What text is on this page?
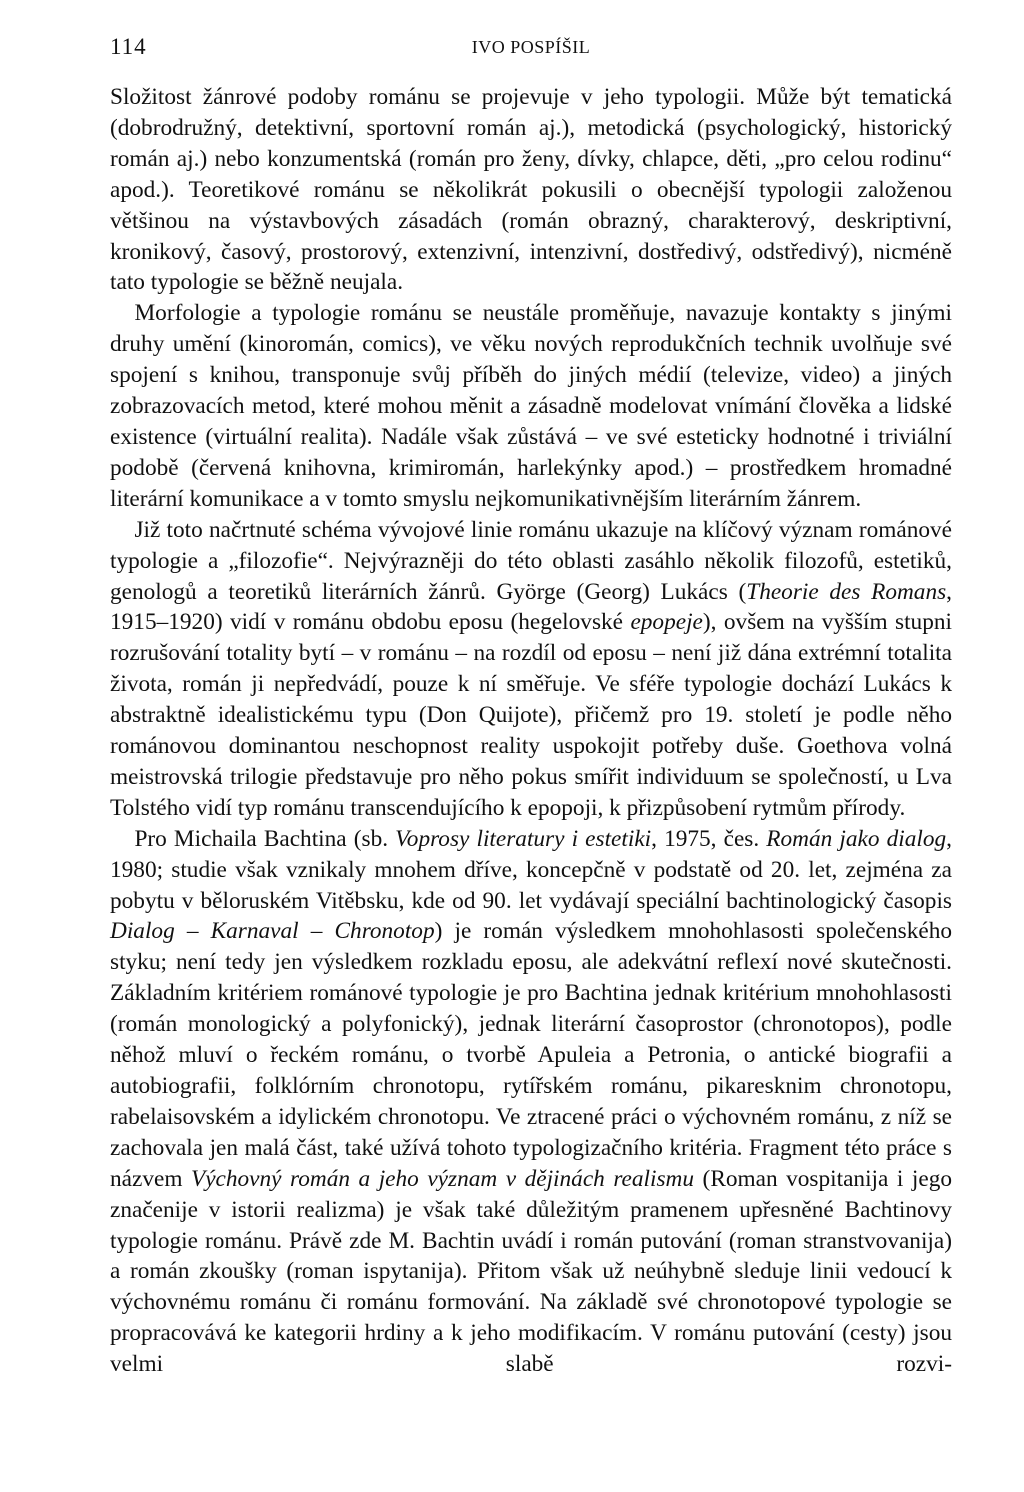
114	IVO POSPÍŠIL

Složitost žánrové podoby románu se projevuje v jeho typologii. Může být tematická (dobrodružný, detektivní, sportovní román aj.), metodická (psychologický, historický román aj.) nebo konzumentská (román pro ženy, dívky, chlapce, děti, „pro celou rodinu“ apod.). Teoretikové románu se několikrát pokusili o obecnější typologii založenou většinou na výstavbových zásadách (román obrazný, charakterový, deskriptivní, kronikový, časový, prostorový, extenzivní, intenzivní, dostředivý, odstředivý), nicméně tato typologie se běžně neujala.

Morfologie a typologie románu se neustále proměňuje, navazuje kontakty s jinými druhy umění (kinoromán, comics), ve věku nových reprodukčních technik uvolňuje své spojení s knihou, transponuje svůj příběh do jiných médií (televize, video) a jiných zobrazovacích metod, které mohou měnit a zásadně modelovat vnímání člověka a lidské existence (virtuální realita). Nadále však zůstává – ve své esteticky hodnotné i triviální podobě (červená knihovna, krimiromán, harlekýnky apod.) – prostředkem hromadné literární komunikace a v tomto smyslu nejkomunikativnějším literárním žánrem.

Již toto načrtnuté schéma vývojové linie románu ukazuje na klíčový význam románové typologie a „filozofie“. Nejvýrazněji do této oblasti zasáhlo několik filozofů, estetiků, genologů a teoretiků literárních žánrů. Györge (Georg) Lukács (Theorie des Romans, 1915–1920) vidí v románu obdobu eposu (hegelovské epopeje), ovšem na vyšším stupni rozrušování totality bytí – v románu – na rozdíl od eposu – není již dána extrémní totalita života, román ji nepředvádí, pouze k ní směřuje. Ve sféře typologie dochází Lukács k abstraktně idealistickému typu (Don Quijote), přičemž pro 19. století je podle něho románovou dominantou neschopnost reality uspokojit potřeby duše. Goethova volná meistrovská trilogie představuje pro něho pokus smířit individuum se společností, u Lva Tolstého vidí typ románu transcendujícího k epopoji, k přizpůsobení rytmům přírody.

Pro Michaila Bachtina (sb. Voprosy literatury i estetiki, 1975, čes. Román jako dialog, 1980; studie však vznikaly mnohem dříve, koncepčně v podstatě od 20. let, zejména za pobytu v běloruském Vitěbsku, kde od 90. let vydávají speciální bachtinologický časopis Dialog – Karnaval – Chronotop) je román výsledkem mnohohlasosti společenského styku; není tedy jen výsledkem rozkladu eposu, ale adekvátní reflexí nové skutečnosti. Základním kritériem románové typologie je pro Bachtina jednak kritérium mnohohlasosti (román monologický a polyfonický), jednak literární časoprostor (chronotopos), podle něhož mluví o řeckém románu, o tvorbě Apuleia a Petronia, o antické biografii a autobiografii, folklórním chronotopu, rytířském románu, pikaresknim chronotopu, rabelaisovském a idylickém chronotopu. Ve ztracené práci o výchovném románu, z níž se zachovala jen malá část, také užívá tohoto typologizačního kritéria. Fragment této práce s názvem Výchovný román a jeho význam v dějinách realismu (Roman vospitanija i jego značenije v istorii realizma) je však také důležitým pramenem upřesněné Bachtinovy typologie románu. Právě zde M. Bachtin uvádí i román putování (roman stranstvovanija) a román zkoušky (roman ispytanija). Přitom však už neúhybně sleduje linii vedoucí k výchovnému románu či románu formování. Na základě své chronotopové typologie se propracovává ke kategorii hrdiny a k jeho modifikacím. V románu putování (cesty) jsou velmi slabě rozvi-
